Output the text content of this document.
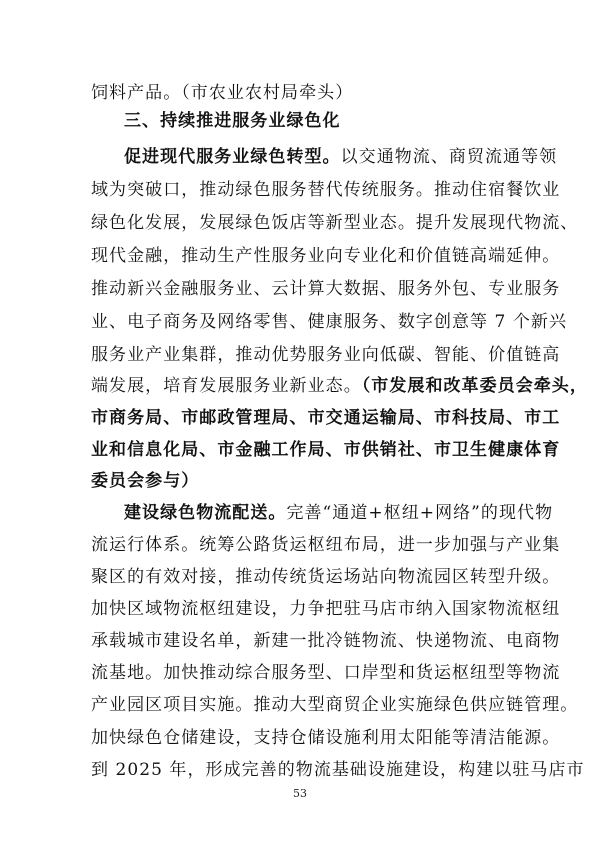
饲料产品。（市农业农村局牵头）
三、持续推进服务业绿色化
促进现代服务业绿色转型。以交通物流、商贸流通等领
域为突破口，推动绿色服务替代传统服务。推动住宿餐饮业
绿色化发展，发展绿色饭店等新型业态。提升发展现代物流、
现代金融，推动生产性服务业向专业化和价值链高端延伸。
推动新兴金融服务业、云计算大数据、服务外包、专业服务
业、电子商务及网络零售、健康服务、数字创意等 7 个新兴
服务业产业集群，推动优势服务业向低碳、智能、价值链高
端发展，培育发展服务业新业态。（市发展和改革委员会牵头，
市商务局、市邮政管理局、市交通运输局、市科技局、市工
业和信息化局、市金融工作局、市供销社、市卫生健康体育
委员会参与）
建设绿色物流配送。完善“通道+枢纽+网络”的现代物
流运行体系。统筹公路货运枢纽布局，进一步加强与产业集
聚区的有效对接，推动传统货运场站向物流园区转型升级。
加快区域物流枢纽建设，力争把驻马店市纳入国家物流枢纽
承载城市建设名单，新建一批冷链物流、快递物流、电商物
流基地。加快推动综合服务型、口岸型和货运枢纽型等物流
产业园区项目实施。推动大型商贸企业实施绿色供应链管理。
加快绿色仓储建设，支持仓储设施利用太阳能等清洁能源。
53
到 2025 年，形成完善的物流基础设施建设，构建以驻马店市
